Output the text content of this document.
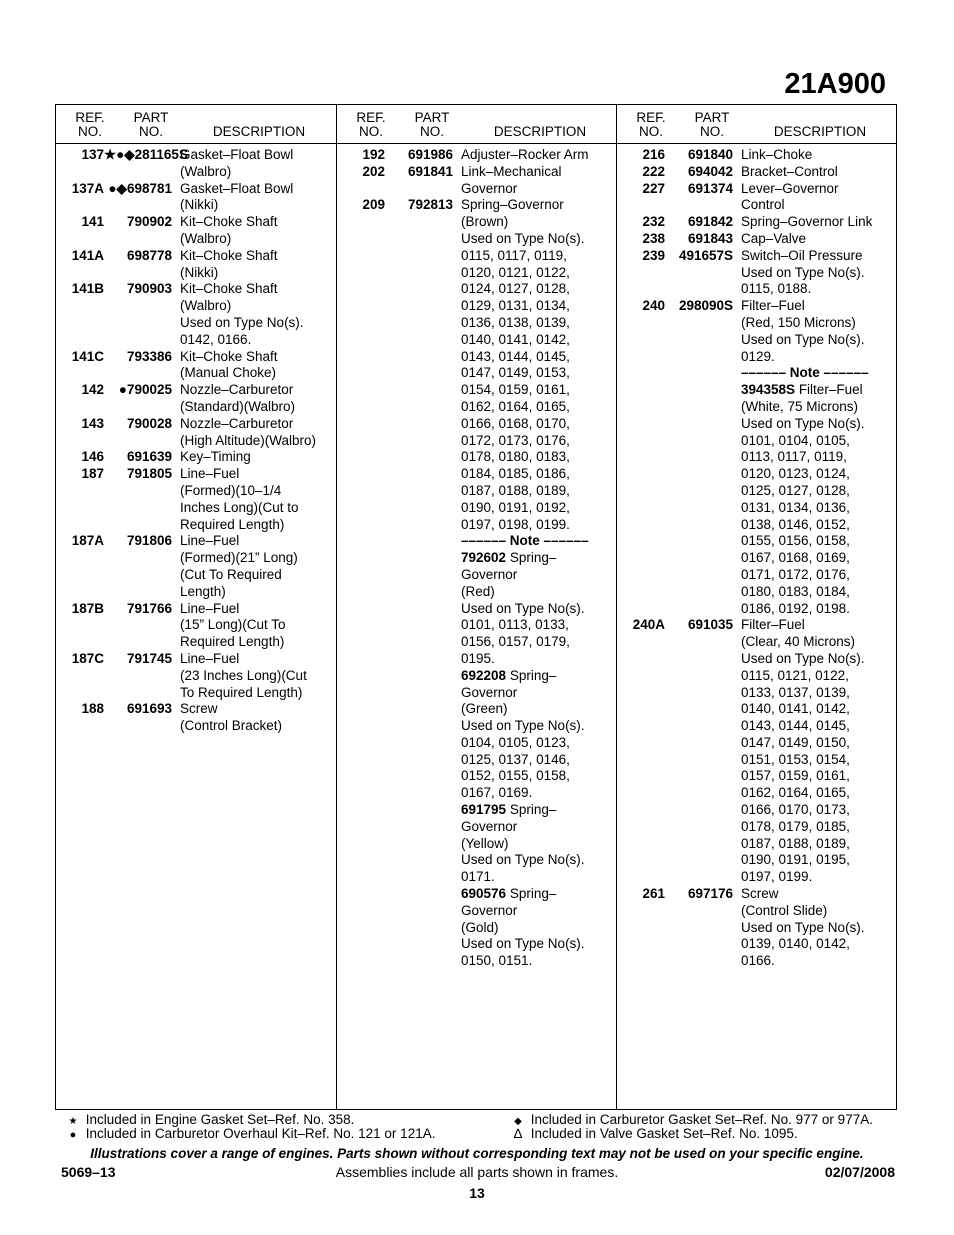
21A900
REF.
NO.
PART
NO.	DESCRIPTION
137 ★●◆281165S
Gasket–Float Bowl
(Walbro)
137A ●◆698781 Gasket–Float Bowl
(Nikki)
141	790902 Kit–Choke Shaft
(Walbro)
141A	698778 Kit–Choke Shaft
(Nikki)
141B	790903 Kit–Choke Shaft
(Walbro)
Used on Type No(s).
0142, 0166.
141C	793386 Kit–Choke Shaft
(Manual Choke)
142	●790025 Nozzle–Carburetor
(Standard)(Walbro)
143	790028 Nozzle–Carburetor
(High Altitude)(Walbro)
146	691639 Key–Timing
187	791805 Line–Fuel
(Formed)(10–1/4
Inches Long)(Cut to
Required Length)
187A	791806 Line–Fuel
(Formed)(21” Long)
(Cut To Required
Length)
187B	791766 Line–Fuel
(15” Long)(Cut To
Required Length)
187C	791745 Line–Fuel
(23 Inches Long)(Cut
To Required Length)
188	691693 Screw
(Control Bracket)
REF.
NO.
PART
NO.	DESCRIPTION
192	691986 Adjuster–Rocker Arm
202	691841 Link–Mechanical
Governor
209	792813 Spring–Governor
(Brown)
Used on Type No(s).
0115, 0117, 0119,
0120, 0121, 0122,
0124, 0127, 0128,
0129, 0131, 0134,
0136, 0138, 0139,
0140, 0141, 0142,
0143, 0144, 0145,
0147, 0149, 0153,
0154, 0159, 0161,
0162, 0164, 0165,
0166, 0168, 0170,
0172, 0173, 0176,
0178, 0180, 0183,
0184, 0185, 0186,
0187, 0188, 0189,
0190, 0191, 0192,
0197, 0198, 0199.
–––––– Note ––––––
792602 Spring–
Governor
(Red)
Used on Type No(s).
0101, 0113, 0133,
0156, 0157, 0179,
0195.
692208 Spring–
Governor
(Green)
Used on Type No(s).
0104, 0105, 0123,
0125, 0137, 0146,
0152, 0155, 0158,
0167, 0169.
691795 Spring–
Governor
(Yellow)
Used on Type No(s).
0171.
690576 Spring–
Governor
(Gold)
Used on Type No(s).
0150, 0151.
REF.
NO.
PART
NO.	DESCRIPTION
216	691840 Link–Choke
222	694042 Bracket–Control
227	691374 Lever–Governor
Control
232	691842 Spring–Governor Link
238	691843 Cap–Valve
239	491657S Switch–Oil Pressure
Used on Type No(s).
0115, 0188.
240	298090S Filter–Fuel
(Red, 150 Microns)
Used on Type No(s).
0129.
–––––– Note ––––––
394358S Filter–Fuel
(White, 75 Microns)
Used on Type No(s).
0101, 0104, 0105,
0113, 0117, 0119,
0120, 0123, 0124,
0125, 0127, 0128,
0131, 0134, 0136,
0138, 0146, 0152,
0155, 0156, 0158,
0167, 0168, 0169,
0171, 0172, 0176,
0180, 0183, 0184,
0186, 0192, 0198.
240A	691035 Filter–Fuel
(Clear, 40 Microns)
Used on Type No(s).
0115, 0121, 0122,
0133, 0137, 0139,
0140, 0141, 0142,
0143, 0144, 0145,
0147, 0149, 0150,
0151, 0153, 0154,
0157, 0159, 0161,
0162, 0164, 0165,
0166, 0170, 0173,
0178, 0179, 0185,
0187, 0188, 0189,
0190, 0191, 0195,
0197, 0199.
261	697176 Screw
(Control Slide)
Used on Type No(s).
0139, 0140, 0142,
0166.
★ Included in Engine Gasket Set–Ref. No. 358.
● Included in Carburetor Overhaul Kit–Ref. No. 121 or 121A.
◆ Included in Carburetor Gasket Set–Ref. No. 977 or 977A.
∆ Included in Valve Gasket Set–Ref. No. 1095.
Illustrations cover a range of engines. Parts shown without corresponding text may not be used on your specific engine.
5069–13	Assemblies include all parts shown in frames.	02/07/2008
13
